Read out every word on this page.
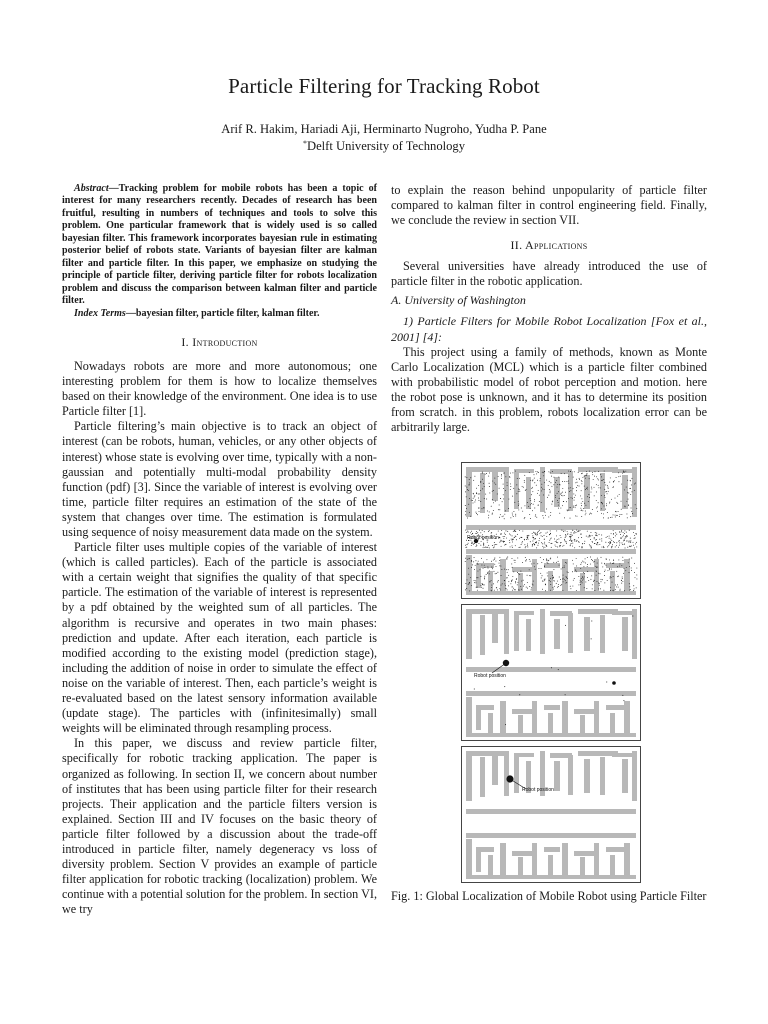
Particle Filtering for Tracking Robot
Arif R. Hakim, Hariadi Aji, Herminarto Nugroho, Yudha P. Pane
*Delft University of Technology

Abstract—Tracking problem for mobile robots has been a topic of interest for many researchers recently. Decades of research has been fruitful, resulting in numbers of techniques and tools to solve this problem. One particular framework that is widely used is so called bayesian filter. This framework incorporates bayesian rule in estimating posterior belief of robots state. Variants of bayesian filter are kalman filter and particle filter. In this paper, we emphasize on studying the principle of particle filter, deriving particle filter for robots localization problem and discuss the comparison between kalman filter and particle filter.

Index Terms—bayesian filter, particle filter, kalman filter.

I. Introduction

Nowadays robots are more and more autonomous; one interesting problem for them is how to localize themselves based on their knowledge of the environment. One idea is to use Particle filter [1].

Particle filtering’s main objective is to track an object of interest (can be robots, human, vehicles, or any other objects of interest) whose state is evolving over time, typically with a non-gaussian and potentially multi-modal probability density function (pdf) [3]. Since the variable of interest is evolving over time, particle filter requires an estimation of the state of the system that changes over time. The estimation is formulated using sequence of noisy measurement data made on the system.

Particle filter uses multiple copies of the variable of interest (which is called particles). Each of the particle is associated with a certain weight that signifies the quality of that specific particle. The estimation of the variable of interest is represented by a pdf obtained by the weighted sum of all particles. The algorithm is recursive and operates in two main phases: prediction and update. After each iteration, each particle is modified according to the existing model (prediction stage), including the addition of noise in order to simulate the effect of noise on the variable of interest. Then, each particle’s weight is re-evaluated based on the latest sensory information available (update stage). The particles with (infinitesimally) small weights will be eliminated through resampling process.

In this paper, we discuss and review particle filter, specifically for robotic tracking application. The paper is organized as following. In section II, we concern about number of institutes that has been using particle filter for their research projects. Their application and the particle filters version is explained. Section III and IV focuses on the basic theory of particle filter followed by a discussion about the trade-off introduced in particle filter, namely degeneracy vs loss of diversity problem. Section V provides an example of particle filter application for robotic tracking (localization) problem. We continue with a potential solution for the problem. In section VI, we try

to explain the reason behind unpopularity of particle filter compared to kalman filter in control engineering field. Finally, we conclude the review in section VII.

II. Applications

Several universities have already introduced the use of particle filter in the robotic application.

A. University of Washington

1) Particle Filters for Mobile Robot Localization [Fox et al., 2001] [4]:

This project using a family of methods, known as Monte Carlo Localization (MCL) which is a particle filter combined with probabilistic model of robot perception and motion. here the robot pose is unknown, and it has to determine its position from scratch. in this problem, robots localization error can be arbitrarily large.

Robot position
Robot position
Robot position
Fig. 1: Global Localization of Mobile Robot using Particle Filter
